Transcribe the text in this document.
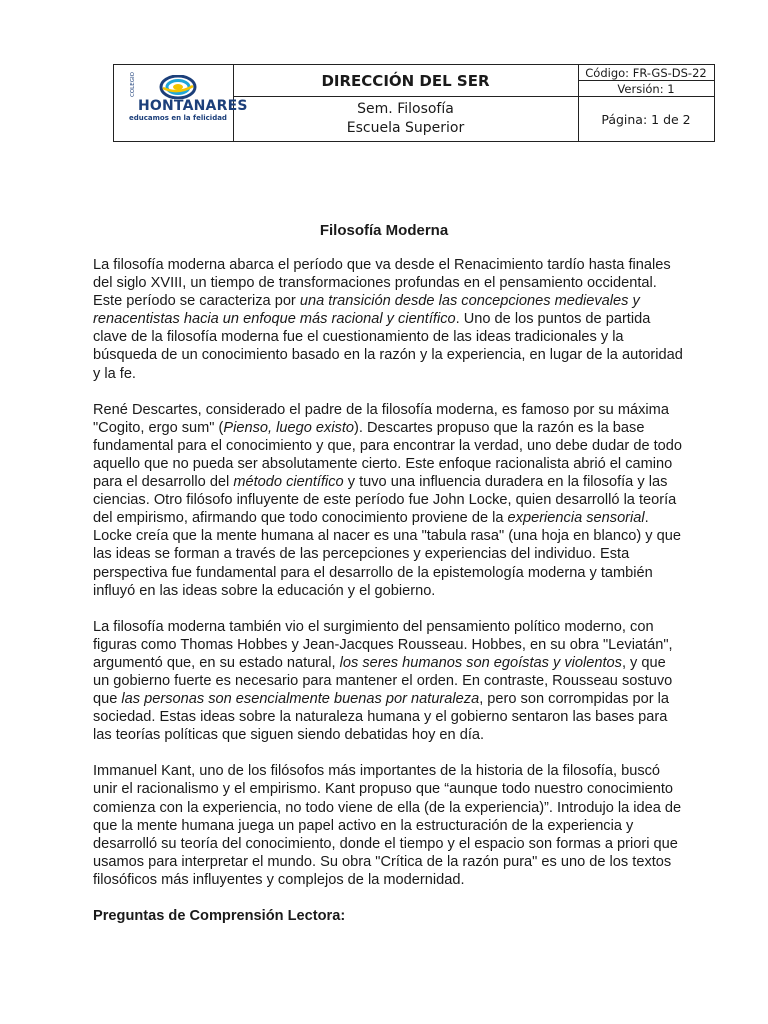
COLEGIO
HONTANARES
educamos en la felicidad
DIRECCIÓN DEL SER
Sem. Filosofía
Escuela Superior
Código: FR-GS-DS-22
Versión: 1
Página: 1 de 2
Filosofía Moderna

La filosofía moderna abarca el período que va desde el Renacimiento tardío hasta finales del siglo XVIII, un tiempo de transformaciones profundas en el pensamiento occidental. Este período se caracteriza por una transición desde las concepciones medievales y renacentistas hacia un enfoque más racional y científico. Uno de los puntos de partida clave de la filosofía moderna fue el cuestionamiento de las ideas tradicionales y la búsqueda de un conocimiento basado en la razón y la experiencia, en lugar de la autoridad y la fe.

René Descartes, considerado el padre de la filosofía moderna, es famoso por su máxima "Cogito, ergo sum" (Pienso, luego existo). Descartes propuso que la razón es la base fundamental para el conocimiento y que, para encontrar la verdad, uno debe dudar de todo aquello que no pueda ser absolutamente cierto. Este enfoque racionalista abrió el camino para el desarrollo del método científico y tuvo una influencia duradera en la filosofía y las ciencias. Otro filósofo influyente de este período fue John Locke, quien desarrolló la teoría del empirismo, afirmando que todo conocimiento proviene de la experiencia sensorial. Locke creía que la mente humana al nacer es una "tabula rasa" (una hoja en blanco) y que las ideas se forman a través de las percepciones y experiencias del individuo. Esta perspectiva fue fundamental para el desarrollo de la epistemología moderna y también influyó en las ideas sobre la educación y el gobierno.

La filosofía moderna también vio el surgimiento del pensamiento político moderno, con figuras como Thomas Hobbes y Jean-Jacques Rousseau. Hobbes, en su obra "Leviatán", argumentó que, en su estado natural, los seres humanos son egoístas y violentos, y que un gobierno fuerte es necesario para mantener el orden. En contraste, Rousseau sostuvo que las personas son esencialmente buenas por naturaleza, pero son corrompidas por la sociedad. Estas ideas sobre la naturaleza humana y el gobierno sentaron las bases para las teorías políticas que siguen siendo debatidas hoy en día.

Immanuel Kant, uno de los filósofos más importantes de la historia de la filosofía, buscó unir el racionalismo y el empirismo. Kant propuso que “aunque todo nuestro conocimiento comienza con la experiencia, no todo viene de ella (de la experiencia)”. Introdujo la idea de que la mente humana juega un papel activo en la estructuración de la experiencia y desarrolló su teoría del conocimiento, donde el tiempo y el espacio son formas a priori que usamos para interpretar el mundo. Su obra "Crítica de la razón pura" es uno de los textos filosóficos más influyentes y complejos de la modernidad.

Preguntas de Comprensión Lectora:
